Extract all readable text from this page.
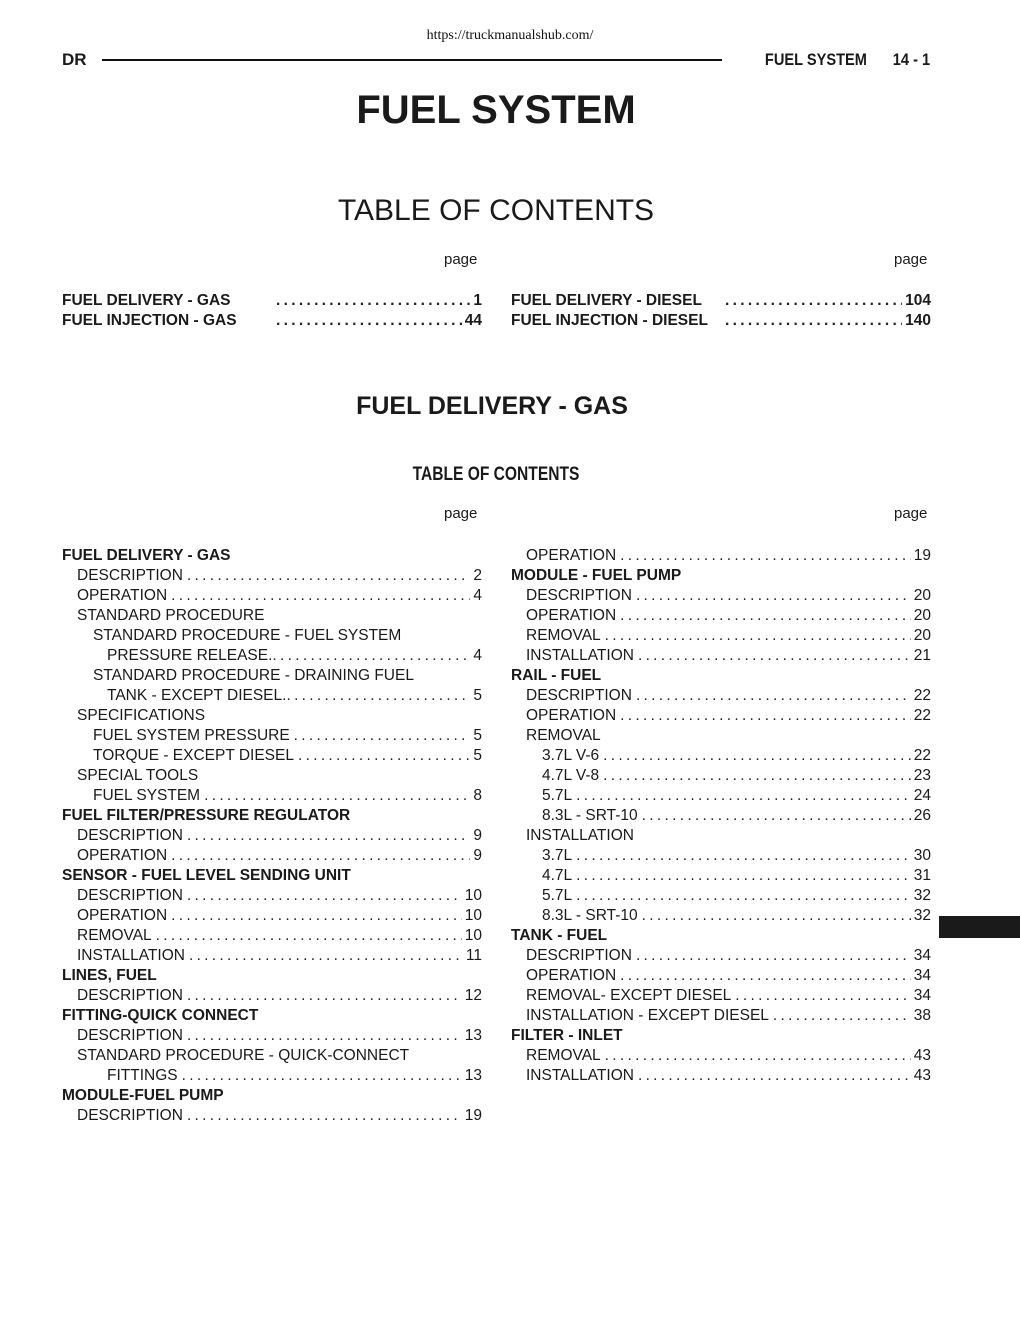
https://truckmanualshub.com/
DR	FUEL SYSTEM 14 - 1
FUEL SYSTEM
TABLE OF CONTENTS
page	page
FUEL DELIVERY - GAS . . .	1
FUEL INJECTION - GAS . . .	44
FUEL DELIVERY - DIESEL . . .	104
FUEL INJECTION - DIESEL . . .	140
FUEL DELIVERY - GAS
TABLE OF CONTENTS
page	page
FUEL DELIVERY - GAS
DESCRIPTION . . .	2
OPERATION . . .	4
STANDARD PROCEDURE
STANDARD PROCEDURE - FUEL SYSTEM
PRESSURE RELEASE. . . .	4
STANDARD PROCEDURE - DRAINING FUEL
TANK - EXCEPT DIESEL. . . .	5
SPECIFICATIONS
FUEL SYSTEM PRESSURE . . .	5
TORQUE - EXCEPT DIESEL . . .	5
SPECIAL TOOLS
FUEL SYSTEM . . .	8
FUEL FILTER/PRESSURE REGULATOR
DESCRIPTION . . .	9
OPERATION . . .	9
SENSOR - FUEL LEVEL SENDING UNIT
DESCRIPTION . . .	10
OPERATION . . .	10
REMOVAL . . .	10
INSTALLATION . . .	11
LINES, FUEL
DESCRIPTION . . .	12
FITTING-QUICK CONNECT
DESCRIPTION . . .	13
STANDARD PROCEDURE - QUICK-CONNECT
FITTINGS . . .	13
MODULE-FUEL PUMP
DESCRIPTION . . .	19
OPERATION . . .	19
MODULE - FUEL PUMP
DESCRIPTION . . .	20
OPERATION . . .	20
REMOVAL . . .	20
INSTALLATION . . .	21
RAIL - FUEL
DESCRIPTION . . .	22
OPERATION . . .	22
REMOVAL
3.7L V-6 . . .	22
4.7L V-8 . . .	23
5.7L . . .	24
8.3L - SRT-10 . . .	26
INSTALLATION
3.7L . . .	30
4.7L . . .	31
5.7L . . .	32
8.3L - SRT-10 . . .	32
TANK - FUEL
DESCRIPTION . . .	34
OPERATION . . .	34
REMOVAL- EXCEPT DIESEL . . .	34
INSTALLATION - EXCEPT DIESEL . . .	38
FILTER - INLET
REMOVAL . . .	43
INSTALLATION . . .	43
